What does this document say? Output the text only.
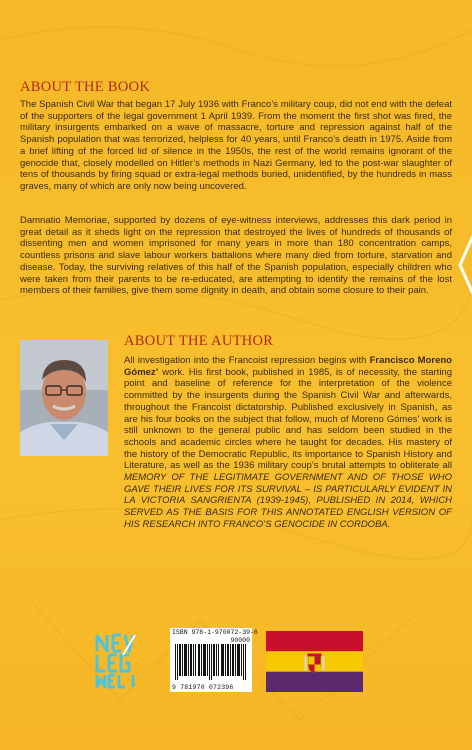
ABOUT THE BOOK

The Spanish Civil War that began 17 July 1936 with Franco’s military coup, did not end with the defeat of the supporters of the legal government 1 April 1939. From the moment the first shot was fired, the military insurgents embarked on a wave of massacre, torture and repression against half of the Spanish population that was terrorized, helpless for 40 years, until Franco’s death in 1975. Aside from a brief lifting of the forced lid of silence in the 1950s, the rest of the world remains ignorant of the genocide that, closely modelled on Hitler’s methods in Nazi Germany, led to the post-war slaughter of tens of thousands by firing squad or extra-legal methods buried, unidentified, by the hundreds in mass graves, many of which are only now being uncovered.

Damnatio Memoriae, supported by dozens of eye-witness interviews, addresses this dark period in great detail as it sheds light on the repression that destroyed the lives of hundreds of thousands of dissenting men and women imprisoned for many years in more than 180 concentration camps, countless prisons and slave labour workers battalions where many died from torture, starvation and disease. Today, the surviving relatives of this half of the Spanish population, especially children who were taken from their parents to be re-educated, are attempting to identify the remains of the lost members of their families, give them some dignity in death, and obtain some closure to their pain.

ABOUT THE AUTHOR

All investigation into the Francoist repression begins with Francisco Moreno Gómez’ work. His first book, published in 1985, is of necessity, the starting point and baseline of reference for the interpretation of the violence committed by the insurgents during the Spanish Civil War and afterwards, throughout the Francoist dictatorship. Published exclusively in Spanish, as are his four books on the subject that follow, much of Moreno Gómes’ work is still unknown to the general public and has seldom been studied in the schools and academic circles where he taught for decades. His mastery of the history of the Democratic Republic, its importance to Spanish History and Literature, as well as the 1936 military coup’s brutal attempts to obliterate all MEMORY OF THE LEGITIMATE GOVERNMENT AND OF THOSE WHO GAVE THEIR LIVES FOR ITS SURVIVAL – IS PARTICULARLY EVIDENT IN LA VICTORIA SANGRIENTA (1939-1945), PUBLISHED IN 2014, WHICH SERVED AS THE BASIS FOR THIS ANNOTATED ENGLISH VERSION OF HIS RESEARCH INTO FRANCO’S GENOCIDE IN CORDOBA.

ISBN 978-1-970072-39-6
90000
9 781970 072396
